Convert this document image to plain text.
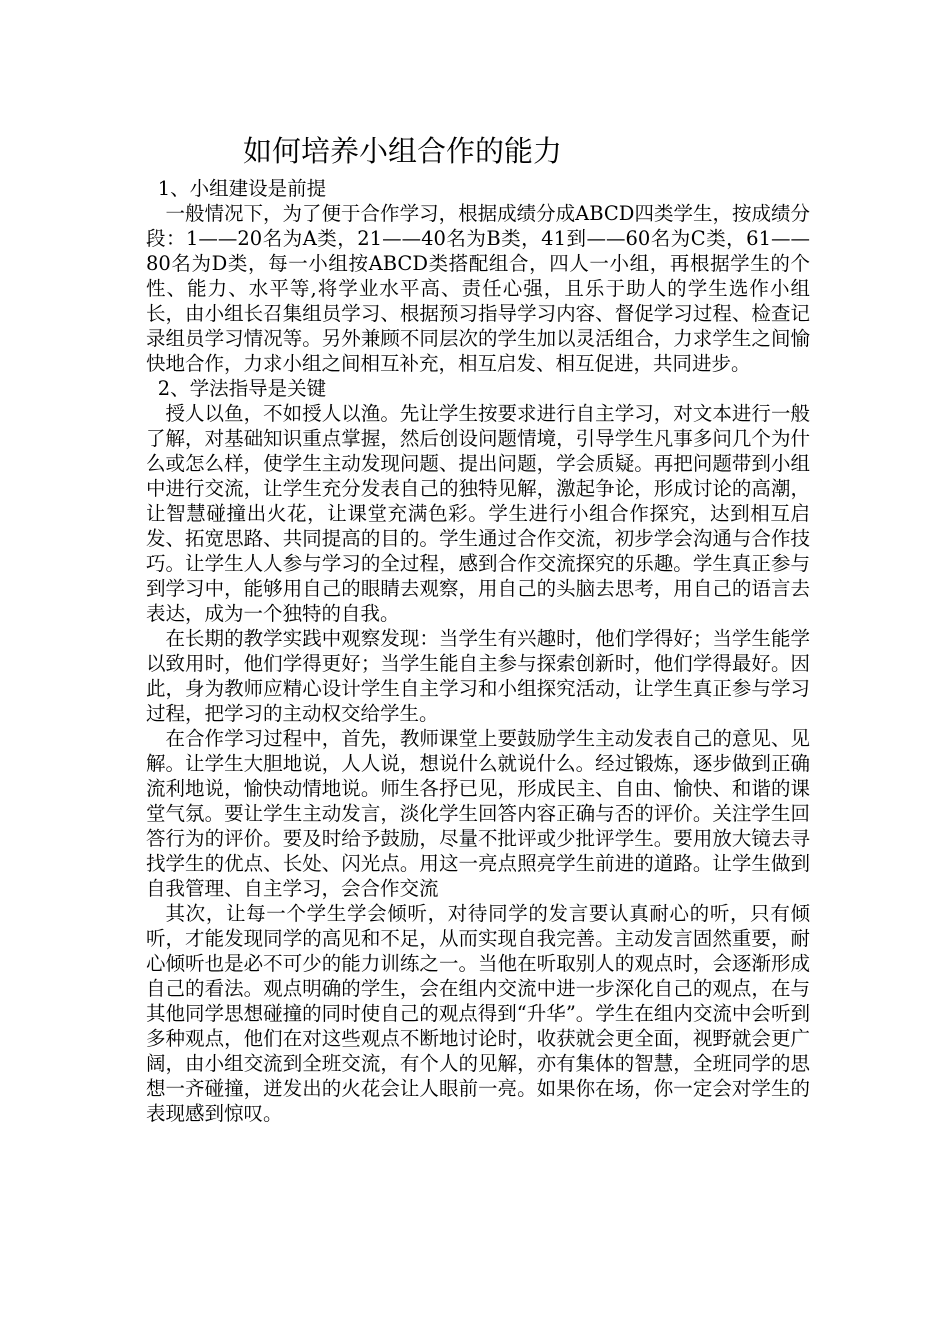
如何培养小组合作的能力

1、小组建设是前提

一般情况下，为了便于合作学习，根据成绩分成ABCD四类学生，按成绩分段：1——20名为A类，21——40名为B类，41到——60名为C类，61——80名为D类，每一小组按ABCD类搭配组合，四人一小组，再根据学生的个性、能力、水平等,将学业水平高、责任心强，且乐于助人的学生选作小组长，由小组长召集组员学习、根据预习指导学习内容、督促学习过程、检查记录组员学习情况等。另外兼顾不同层次的学生加以灵活组合，力求学生之间愉快地合作，力求小组之间相互补充，相互启发、相互促进，共同进步。

2、学法指导是关键

授人以鱼，不如授人以渔。先让学生按要求进行自主学习，对文本进行一般了解，对基础知识重点掌握，然后创设问题情境，引导学生凡事多问几个为什么或怎么样，使学生主动发现问题、提出问题，学会质疑。再把问题带到小组中进行交流，让学生充分发表自己的独特见解，激起争论，形成讨论的高潮，让智慧碰撞出火花，让课堂充满色彩。学生进行小组合作探究，达到相互启发、拓宽思路、共同提高的目的。学生通过合作交流，初步学会沟通与合作技巧。让学生人人参与学习的全过程，感到合作交流探究的乐趣。学生真正参与到学习中，能够用自己的眼睛去观察，用自己的头脑去思考，用自己的语言去表达，成为一个独特的自我。

在长期的教学实践中观察发现：当学生有兴趣时，他们学得好；当学生能学以致用时，他们学得更好；当学生能自主参与探索创新时，他们学得最好。因此，身为教师应精心设计学生自主学习和小组探究活动，让学生真正参与学习过程，把学习的主动权交给学生。

在合作学习过程中，首先，教师课堂上要鼓励学生主动发表自己的意见、见解。让学生大胆地说，人人说，想说什么就说什么。经过锻炼，逐步做到正确流利地说，愉快动情地说。师生各抒已见，形成民主、自由、愉快、和谐的课堂气氛。要让学生主动发言，淡化学生回答内容正确与否的评价。关注学生回答行为的评价。要及时给予鼓励，尽量不批评或少批评学生。要用放大镜去寻找学生的优点、长处、闪光点。用这一亮点照亮学生前进的道路。让学生做到自我管理、自主学习，会合作交流

其次，让每一个学生学会倾听，对待同学的发言要认真耐心的听，只有倾听，才能发现同学的高见和不足，从而实现自我完善。主动发言固然重要，耐心倾听也是必不可少的能力训练之一。当他在听取别人的观点时，会逐渐形成自己的看法。观点明确的学生，会在组内交流中进一步深化自己的观点，在与其他同学思想碰撞的同时使自己的观点得到“升华”。学生在组内交流中会听到多种观点，他们在对这些观点不断地讨论时，收获就会更全面，视野就会更广阔，由小组交流到全班交流，有个人的见解，亦有集体的智慧，全班同学的思想一齐碰撞，迸发出的火花会让人眼前一亮。如果你在场，你一定会对学生的表现感到惊叹。
